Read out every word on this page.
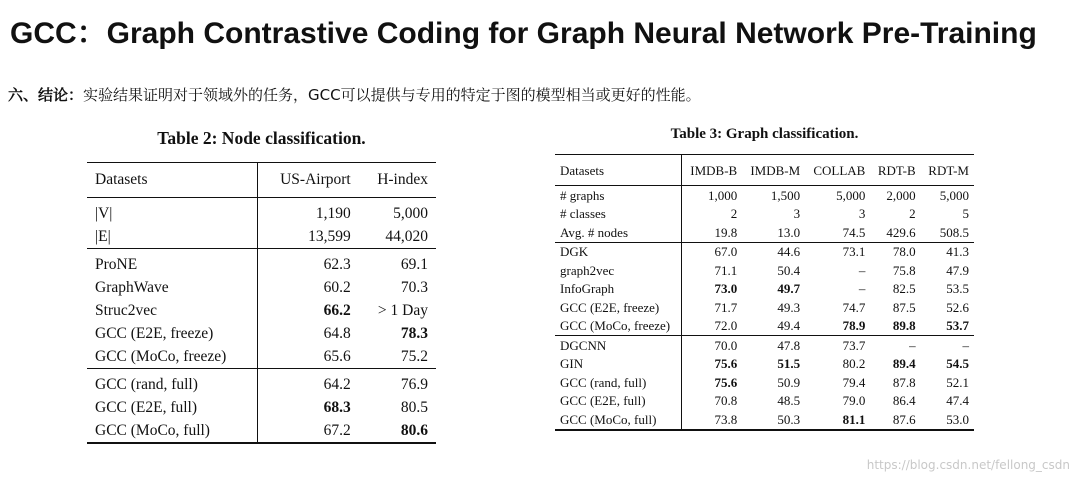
GCC：Graph Contrastive Coding for Graph Neural Network Pre-Training
六、结论：实验结果证明对于领域外的任务，GCC可以提供与专用的特定于图的模型相当或更好的性能。
Table 2: Node classification.
Datasets	US-Airport	H-index
|V|	1,190	5,000
|E|	13,599	44,020
ProNE	62.3	69.1
GraphWave	60.2	70.3
Struc2vec	66.2	> 1 Day
GCC (E2E, freeze)	64.8	78.3
GCC (MoCo, freeze)	65.6	75.2
GCC (rand, full)	64.2	76.9
GCC (E2E, full)	68.3	80.5
GCC (MoCo, full)	67.2	80.6
Table 3: Graph classification.
Datasets	IMDB-B	IMDB-M	COLLAB	RDT-B	RDT-M
# graphs	1,000	1,500	5,000	2,000	5,000
# classes	2	3	3	2	5
Avg. # nodes	19.8	13.0	74.5	429.6	508.5
DGK	67.0	44.6	73.1	78.0	41.3
graph2vec	71.1	50.4	–	75.8	47.9
InfoGraph	73.0	49.7	–	82.5	53.5
GCC (E2E, freeze)	71.7	49.3	74.7	87.5	52.6
GCC (MoCo, freeze)	72.0	49.4	78.9	89.8	53.7
DGCNN	70.0	47.8	73.7	–	–
GIN	75.6	51.5	80.2	89.4	54.5
GCC (rand, full)	75.6	50.9	79.4	87.8	52.1
GCC (E2E, full)	70.8	48.5	79.0	86.4	47.4
GCC (MoCo, full)	73.8	50.3	81.1	87.6	53.0
https://blog.csdn.net/fellong_csdn
